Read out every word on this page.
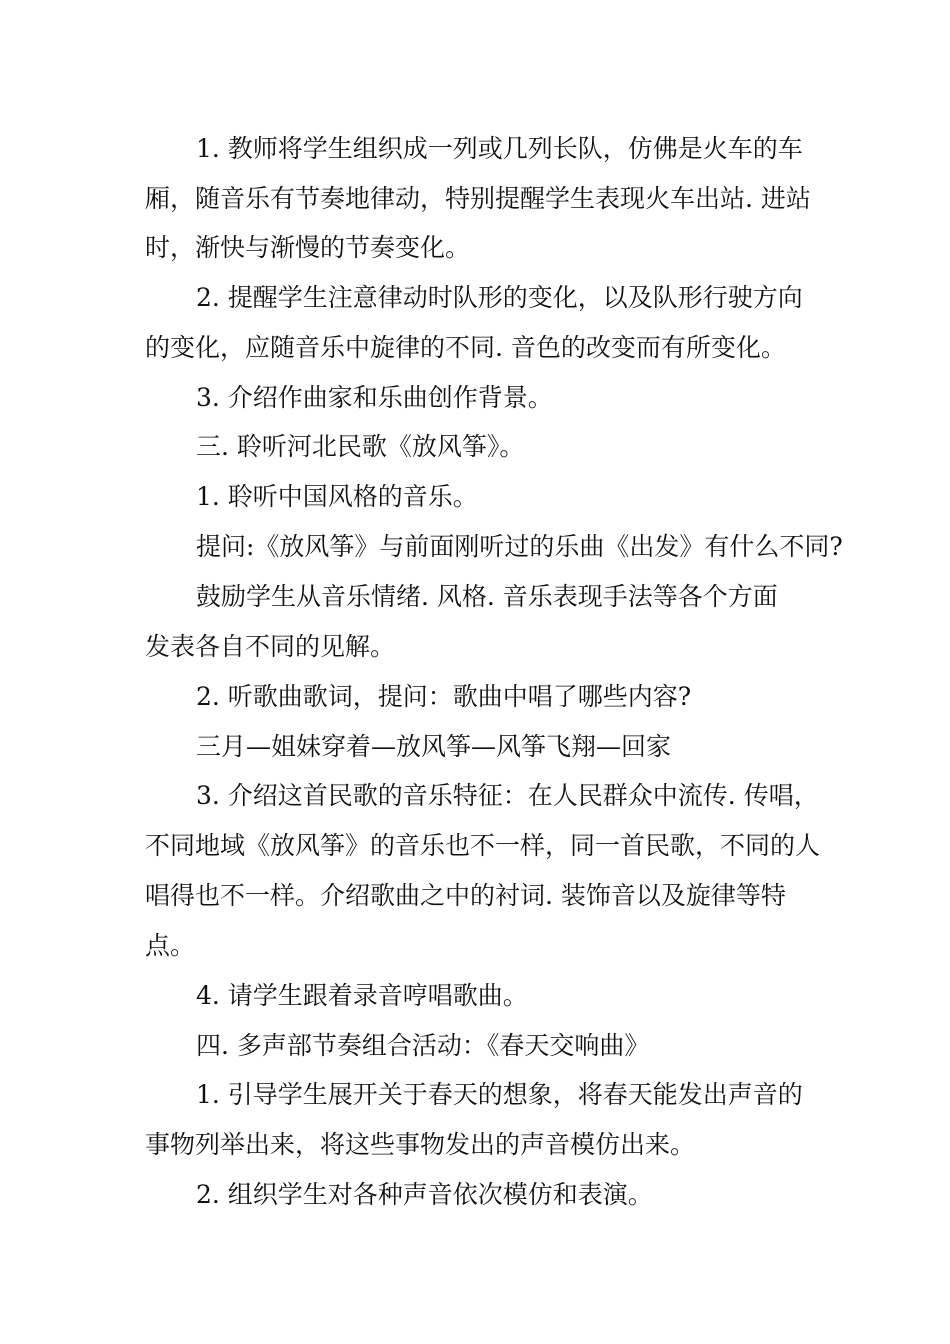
1. 教师将学生组织成一列或几列长队，仿佛是火车的车
厢，随音乐有节奏地律动，特别提醒学生表现火车出站. 进站
时，渐快与渐慢的节奏变化。
2. 提醒学生注意律动时队形的变化，以及队形行驶方向
的变化，应随音乐中旋律的不同. 音色的改变而有所变化。
3. 介绍作曲家和乐曲创作背景。
三. 聆听河北民歌《放风筝》。
1. 聆听中国风格的音乐。
提问:《放风筝》与前面刚听过的乐曲《出发》有什么不同?
鼓励学生从音乐情绪. 风格. 音乐表现手法等各个方面
发表各自不同的见解。
2. 听歌曲歌词，提问：歌曲中唱了哪些内容?
三月—姐妹穿着—放风筝—风筝飞翔—回家
3. 介绍这首民歌的音乐特征：在人民群众中流传. 传唱，
不同地域《放风筝》的音乐也不一样，同一首民歌，不同的人
唱得也不一样。介绍歌曲之中的衬词. 装饰音以及旋律等特
点。
4. 请学生跟着录音哼唱歌曲。
四. 多声部节奏组合活动：《春天交响曲》
1. 引导学生展开关于春天的想象，将春天能发出声音的
事物列举出来，将这些事物发出的声音模仿出来。
2. 组织学生对各种声音依次模仿和表演。
